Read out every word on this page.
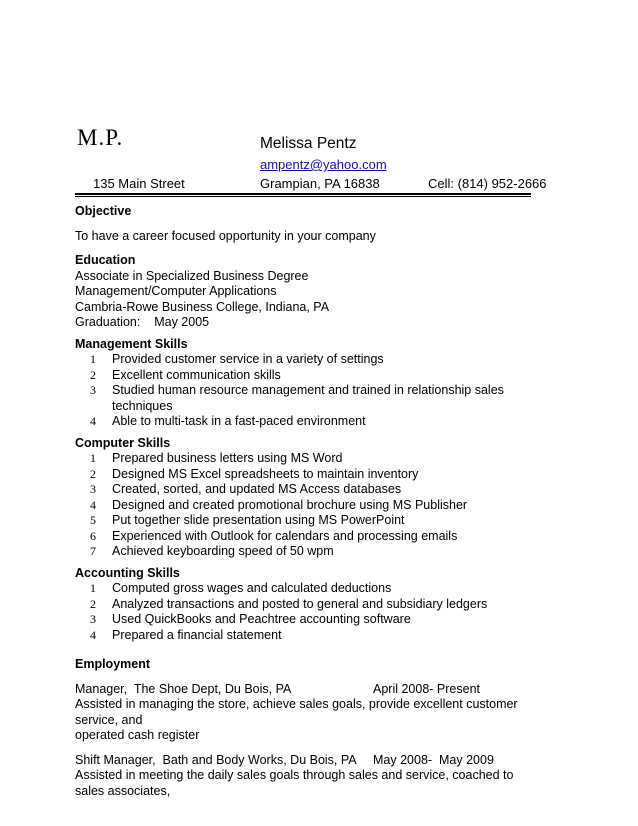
M.P.	Melissa Pentz
ampentz@yahoo.com
135 Main Street	Grampian, PA 16838	Cell: (814) 952-2666
Objective
To have a career focused opportunity in your company
Education
Associate in Specialized Business Degree
Management/Computer Applications
Cambria-Rowe Business College, Indiana, PA
Graduation:    May 2005
Management Skills
1 Provided customer service in a variety of settings
2 Excellent communication skills
3 Studied human resource management and trained in relationship sales techniques
4 Able to multi-task in a fast-paced environment
Computer Skills
1 Prepared business letters using MS Word
2 Designed MS Excel spreadsheets to maintain inventory
3 Created, sorted, and updated MS Access databases
4 Designed and created promotional brochure using MS Publisher
5 Put together slide presentation using MS PowerPoint
6 Experienced with Outlook for calendars and processing emails
7 Achieved keyboarding speed of 50 wpm
Accounting Skills
1 Computed gross wages and calculated deductions
2 Analyzed transactions and posted to general and subsidiary ledgers
3 Used QuickBooks and Peachtree accounting software
4 Prepared a financial statement
Employment
Manager,  The Shoe Dept, Du Bois, PA	April 2008- Present
Assisted in managing the store, achieve sales goals, provide excellent customer service, and
operated cash register
Shift Manager,  Bath and Body Works, Du Bois, PA May 2008-  May 2009
Assisted in meeting the daily sales goals through sales and service, coached to sales associates,
